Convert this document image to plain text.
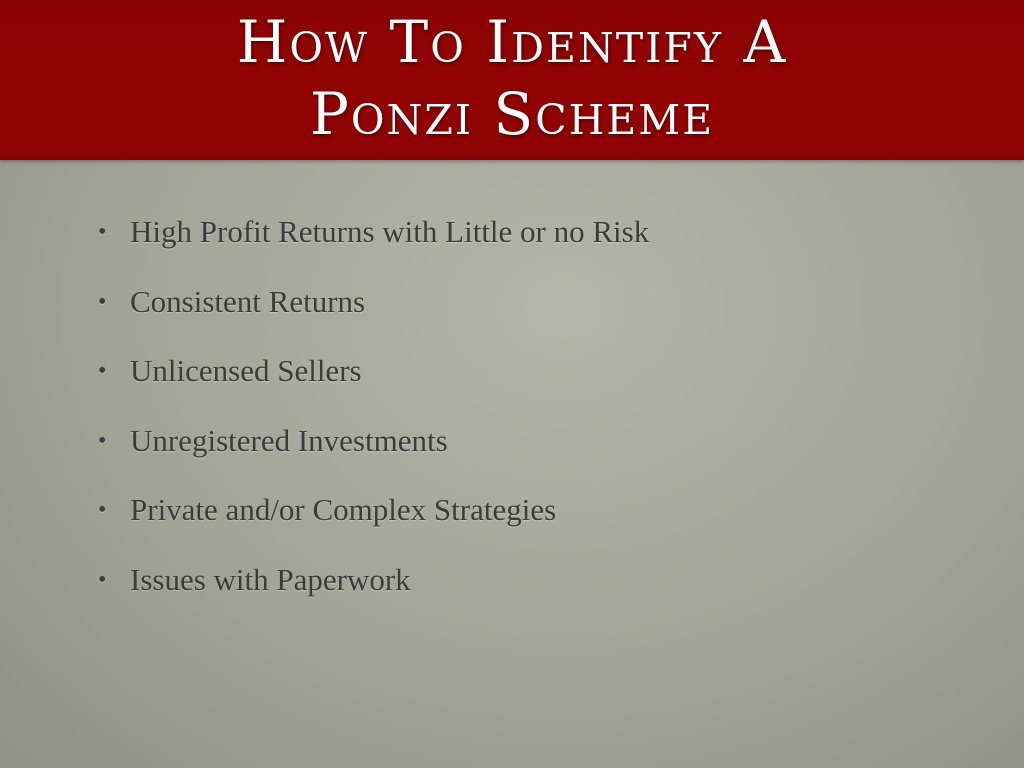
How To Identify A
Ponzi Scheme
• High Profit Returns with Little or no Risk
• Consistent Returns
• Unlicensed Sellers
• Unregistered Investments
• Private and/or Complex Strategies
• Issues with Paperwork
